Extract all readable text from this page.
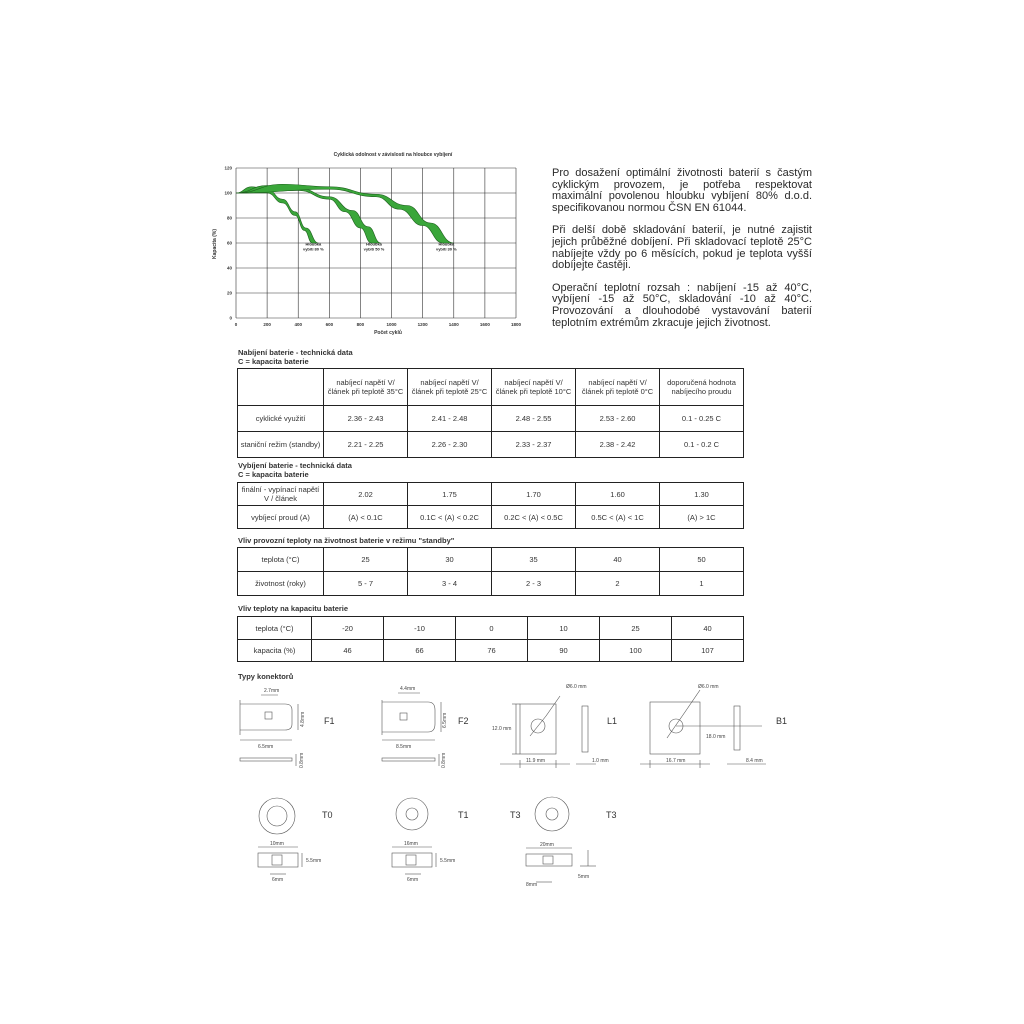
Cyklická odolnost v závislosti na hloubce vybíjení
Hloubka
vybití 80 %
Hloubka
vybití 50 %
Hloubka
vybití 30 %
0	200	400	600	800	1000	1200	1400	1600	1800
0
20
40
60
80
100
120
Kapacita (%)
Počet cyklů

Pro dosažení optimální životnosti baterií s častým cyklickým provozem, je potřeba respektovat maximální povolenou hloubku vybíjení 80% d.o.d. specifikovanou normou ČSN EN 61044.

Při delší době skladování baterií, je nutné zajistit jejich průběžné dobíjení. Při skladovací teplotě 25°C nabíjejte vždy po 6 měsících, pokud je teplota vyšší dobíjejte častěji.

Operační teplotní rozsah : nabíjení -15 až 40°C, vybíjení -15 až 50°C, skladování -10 až 40°C. Provozování a dlouhodobé vystavování baterií teplotním extrémům zkracuje jejich životnost.

Nabíjení baterie - technická data
C = kapacita baterie
	nabíjecí napětí V/ článek při teplotě 35°C	nabíjecí napětí V/ článek při teplotě 25°C	nabíjecí napětí V/ článek při teplotě 10°C	nabíjecí napětí V/ článek při teplotě 0°C	doporučená hodnota nabíjecího proudu
cyklické využití	2.36 - 2.43	2.41 - 2.48	2.48 - 2.55	2.53 - 2.60	0.1 - 0.25 C
staniční režim (standby)	2.21 - 2.25	2.26 - 2.30	2.33 - 2.37	2.38 - 2.42	0.1 - 0.2 C
Vybíjení baterie - technická data
C = kapacita baterie
finální - vypínací napětí V / článek	2.02	1.75	1.70	1.60	1.30
vybíjecí proud (A)	(A) < 0.1C	0.1C < (A) < 0.2C	0.2C < (A) < 0.5C	0.5C < (A) < 1C	(A) > 1C
Vliv provozní teploty na životnost baterie v režimu "standby"
teplota (°C)	25	30	35	40	50
životnost (roky)	5 - 7	3 - 4	2 - 3	2	1
Vliv teploty na kapacitu baterie
teplota (°C)	-20	-10	0	10	25	40
kapacita (%)	46	66	76	90	100	107
Typy konektorů
2.7mm
4.8mm
6.5mm
0.8mm
4.4mm
6.5mm
8.5mm
0.8mm
Ø6.0 mm
12.0 mm
11.9 mm	1.0 mm
Ø6.0 mm
18.0 mm
16.7 mm	8.4 mm
10mm
5.5mm
6mm
16mm
5.5mm
6mm
20mm
5mm
8mm
F1	F2	L1	B1
T0	T1	T3	T3
